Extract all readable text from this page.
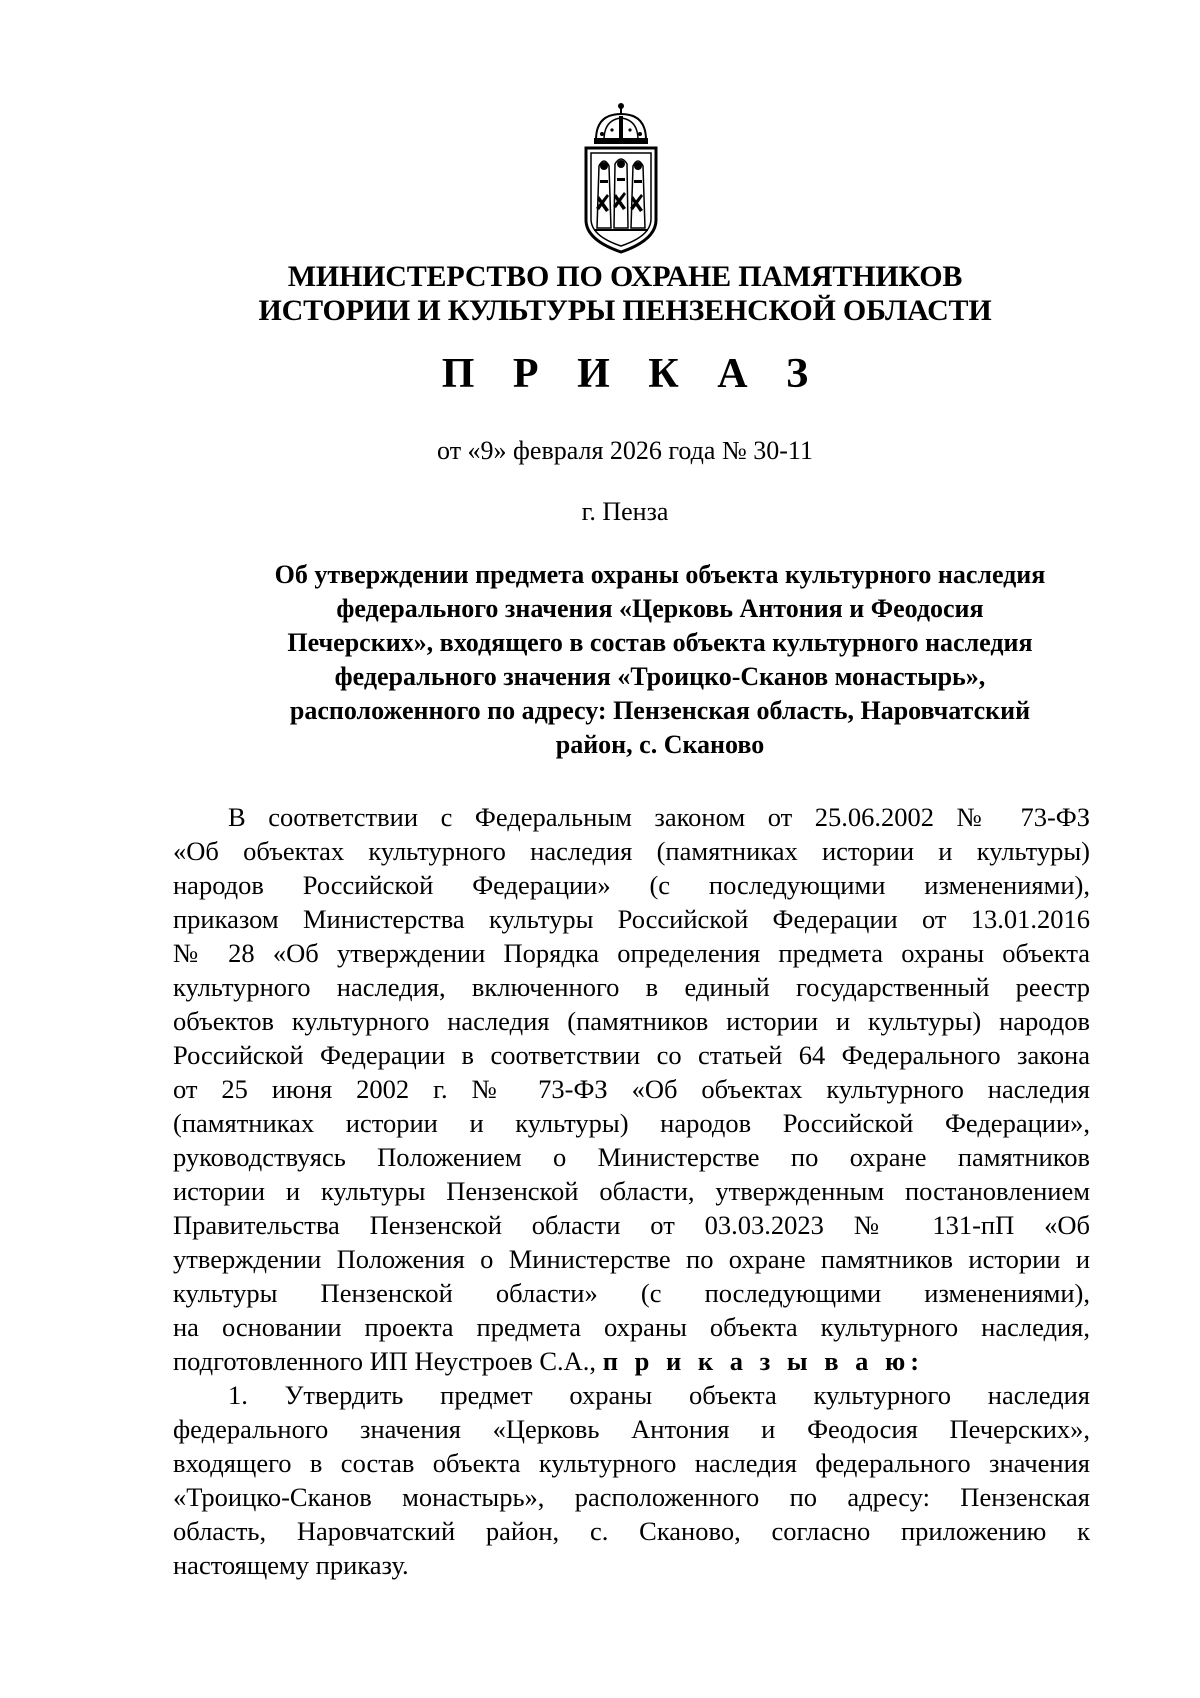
МИНИСТЕРСТВО ПО ОХРАНЕ ПАМЯТНИКОВ
ИСТОРИИ И КУЛЬТУРЫ ПЕНЗЕНСКОЙ ОБЛАСТИ
П Р И К А З
от «9» февраля 2026 года № 30-11
г. Пенза
Об утверждении предмета охраны объекта культурного наследия
федерального значения «Церковь Антония и Феодосия
Печерских», входящего в состав объекта культурного наследия
федерального значения «Троицко-Сканов монастырь»,
расположенного по адресу: Пензенская область, Наровчатский
район, с. Сканово
В соответствии с Федеральным законом от 25.06.2002 № 73-ФЗ
«Об объектах культурного наследия (памятниках истории и культуры)
народов Российской Федерации» (с последующими изменениями),
приказом Министерства культуры Российской Федерации от 13.01.2016
№ 28 «Об утверждении Порядка определения предмета охраны объекта
культурного наследия, включенного в единый государственный реестр
объектов культурного наследия (памятников истории и культуры) народов
Российской Федерации в соответствии со статьей 64 Федерального закона
от 25 июня 2002 г. № 73-ФЗ «Об объектах культурного наследия
(памятниках истории и культуры) народов Российской Федерации»,
руководствуясь Положением о Министерстве по охране памятников
истории и культуры Пензенской области, утвержденным постановлением
Правительства Пензенской области от 03.03.2023 № 131-пП «Об
утверждении Положения о Министерстве по охране памятников истории и
культуры Пензенской области» (с последующими изменениями),
на основании проекта предмета охраны объекта культурного наследия,
подготовленного ИП Неустроев С.А., п р и к а з ы в а ю:
1. Утвердить предмет охраны объекта культурного наследия
федерального значения «Церковь Антония и Феодосия Печерских»,
входящего в состав объекта культурного наследия федерального значения
«Троицко-Сканов монастырь», расположенного по адресу: Пензенская
область, Наровчатский район, с. Сканово, согласно приложению к
настоящему приказу.
